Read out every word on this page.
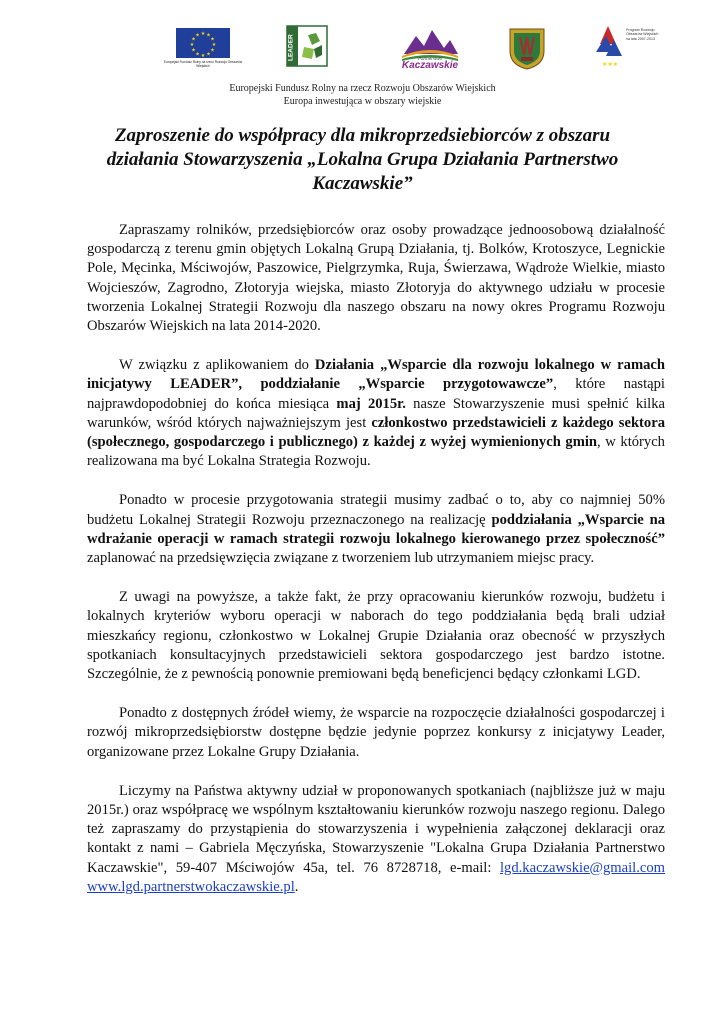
★ ★
★
★
★
★
★
★
★
★
★
★
Europejski Fundusz Rolny na rzecz Rozwoju Obszarów Wiejskich
LEADER	Partnerstwo
Kaczawskie	★★★
Program Rozwoju Obszarów Wiejskich na lata 2007-2013
Europejski Fundusz Rolny na rzecz Rozwoju Obszarów Wiejskich
Europa inwestująca w obszary wiejskie
Zaproszenie do współpracy dla mikroprzedsiebiorców z obszaru działania Stowarzyszenia „Lokalna Grupa Działania Partnerstwo Kaczawskie”

Zapraszamy rolników, przedsiębiorców oraz osoby prowadzące jednoosobową działalność gospodarczą z terenu gmin objętych Lokalną Grupą Działania, tj. Bolków, Krotoszyce, Legnickie Pole, Męcinka, Mściwojów, Paszowice, Pielgrzymka, Ruja, Świerzawa, Wądroże Wielkie, miasto Wojcieszów, Zagrodno, Złotoryja wiejska, miasto Złotoryja do aktywnego udziału w procesie tworzenia Lokalnej Strategii Rozwoju dla naszego obszaru na nowy okres Programu Rozwoju Obszarów Wiejskich na lata 2014-2020.

W związku z aplikowaniem do Działania „Wsparcie dla rozwoju lokalnego w ramach inicjatywy LEADER”, poddziałanie „Wsparcie przygotowawcze”, które nastąpi najprawdopodobniej do końca miesiąca maj 2015r. nasze Stowarzyszenie musi spełnić kilka warunków, wśród których najważniejszym jest członkostwo przedstawicieli z każdego sektora (społecznego, gospodarczego i publicznego) z każdej z wyżej wymienionych gmin, w których realizowana ma być Lokalna Strategia Rozwoju.

Ponadto w procesie przygotowania strategii musimy zadbać o to, aby co najmniej 50% budżetu Lokalnej Strategii Rozwoju przeznaczonego na realizację poddziałania „Wsparcie na wdrażanie operacji w ramach strategii rozwoju lokalnego kierowanego przez społeczność” zaplanować na przedsięwzięcia związane z tworzeniem lub utrzymaniem miejsc pracy.

Z uwagi na powyższe, a także fakt, że przy opracowaniu kierunków rozwoju, budżetu i lokalnych kryteriów wyboru operacji w naborach do tego poddziałania będą brali udział mieszkańcy regionu, członkostwo w Lokalnej Grupie Działania oraz obecność w przyszłych spotkaniach konsultacyjnych przedstawicieli sektora gospodarczego jest bardzo istotne. Szczególnie, że z pewnością ponownie premiowani będą beneficjenci będący członkami LGD.

Ponadto z dostępnych źródeł wiemy, że wsparcie na rozpoczęcie działalności gospodarczej i rozwój mikroprzedsiębiorstw dostępne będzie jedynie poprzez konkursy z inicjatywy Leader, organizowane przez Lokalne Grupy Działania.

Liczymy na Państwa aktywny udział w proponowanych spotkaniach (najbliższe już w maju 2015r.) oraz współpracę we wspólnym kształtowaniu kierunków rozwoju naszego regionu. Dalego też zapraszamy do przystąpienia do stowarzyszenia i wypełnienia załączonej deklaracji oraz kontakt z nami – Gabriela Męczyńska, Stowarzyszenie "Lokalna Grupa Działania Partnerstwo Kaczawskie", 59-407 Mściwojów 45a, tel. 76 8728718, e-mail: lgd.kaczawskie@gmail.com www.lgd.partnerstwokaczawskie.pl.
